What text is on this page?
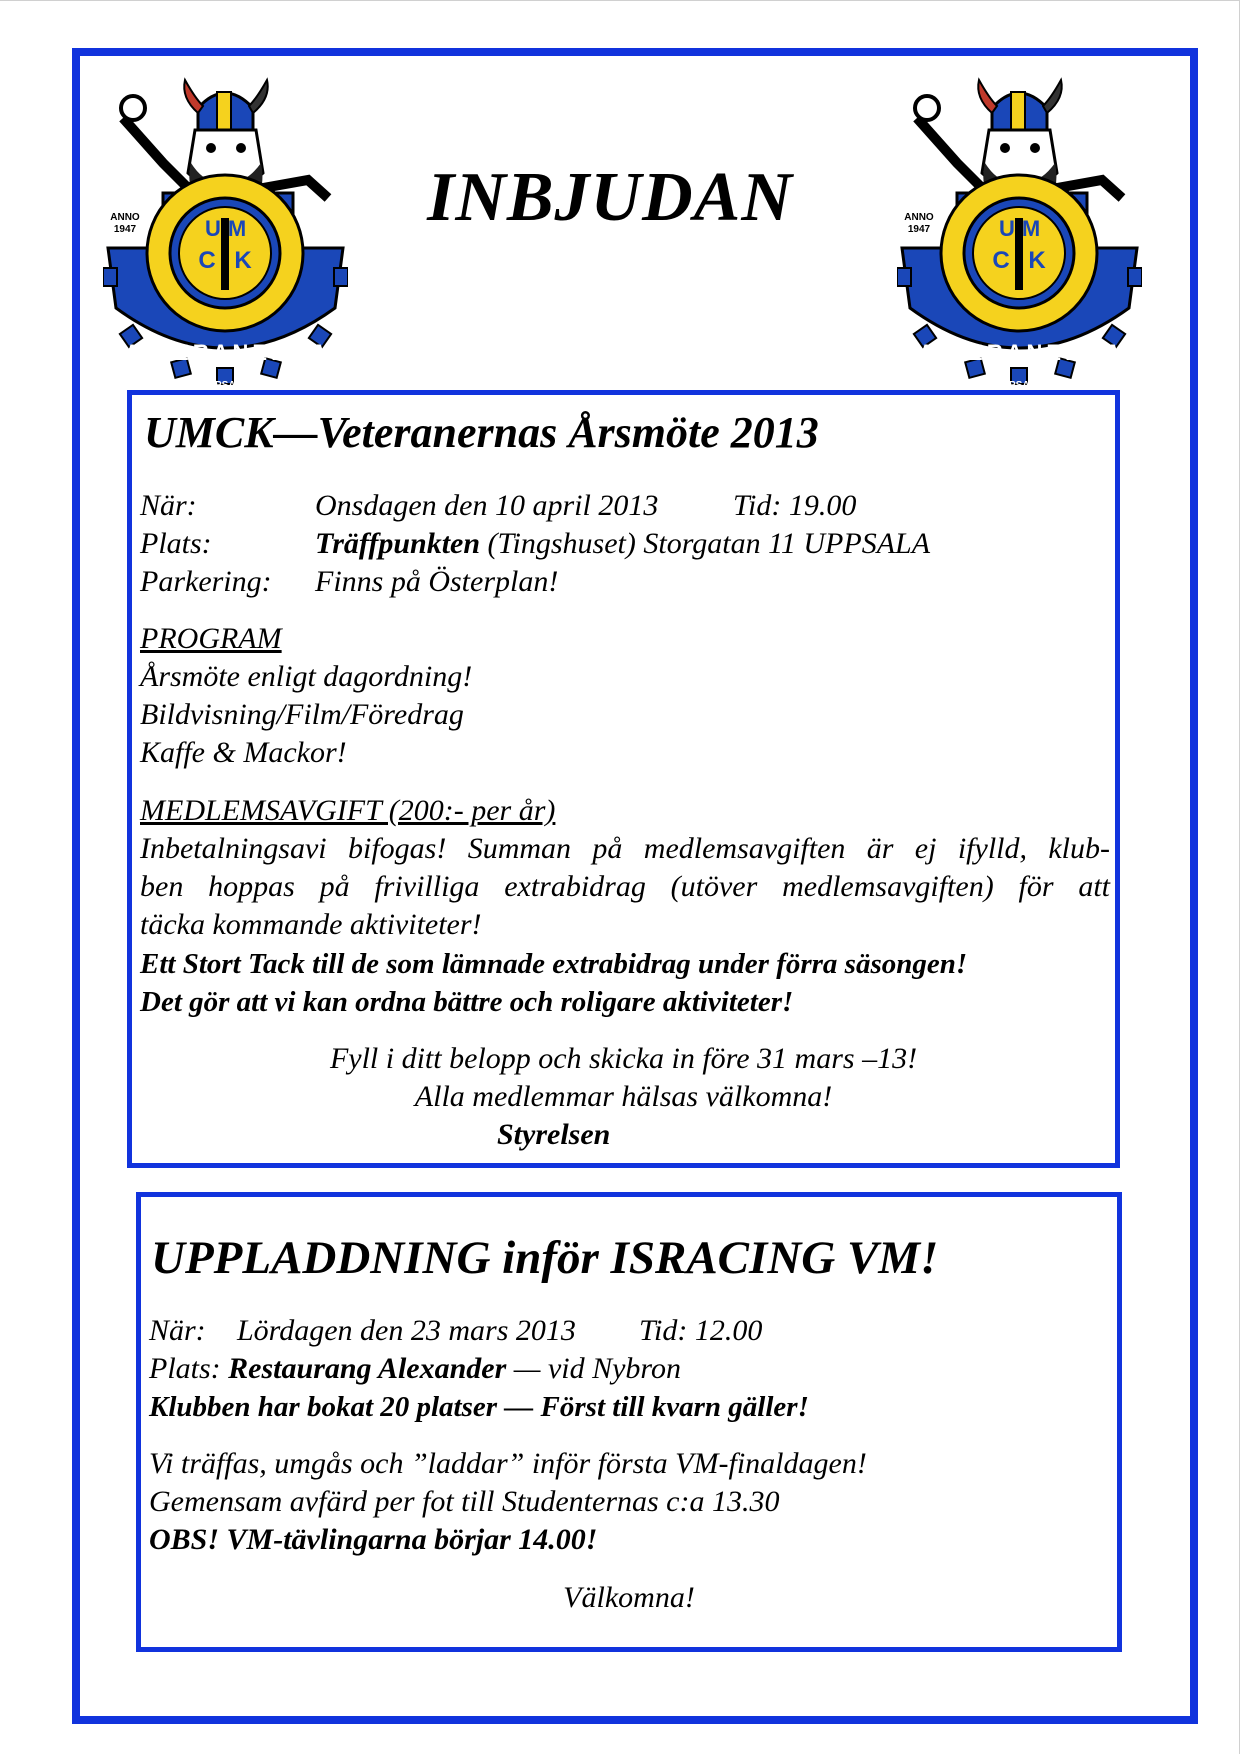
U M
C K
ANNO
1947
VETERANERNA
UPPSALA
U M
C K
ANNO
1947
VETERANERNA
UPPSALA
INBJUDAN
UMCK—Veteranernas Årsmöte 2013
När:	Onsdagen den 10 april 2013 Tid: 19.00
Plats:	Träffpunkten (Tingshuset) Storgatan 11 UPPSALA
Parkering: Finns på Österplan!
PROGRAM
Årsmöte enligt dagordning!
Bildvisning/Film/Föredrag
Kaffe & Mackor!
MEDLEMSAVGIFT (200:- per år)
Inbetalningsavi bifogas! Summan på medlemsavgiften är ej ifylld, klub-
ben hoppas på frivilliga extrabidrag (utöver medlemsavgiften) för att
täcka kommande aktiviteter!
Ett Stort Tack till de som lämnade extrabidrag under förra säsongen!
Det gör att vi kan ordna bättre och roligare aktiviteter!
Fyll i ditt belopp och skicka in före 31 mars –13!
Alla medlemmar hälsas välkomna!
Styrelsen
UPPLADDNING inför ISRACING VM!
När: Lördagen den 23 mars 2013 Tid: 12.00
Plats: Restaurang Alexander — vid Nybron
Klubben har bokat 20 platser — Först till kvarn gäller!
Vi träffas, umgås och ”laddar” inför första VM-finaldagen!
Gemensam avfärd per fot till Studenternas c:a 13.30
OBS! VM-tävlingarna börjar 14.00!
Välkomna!
